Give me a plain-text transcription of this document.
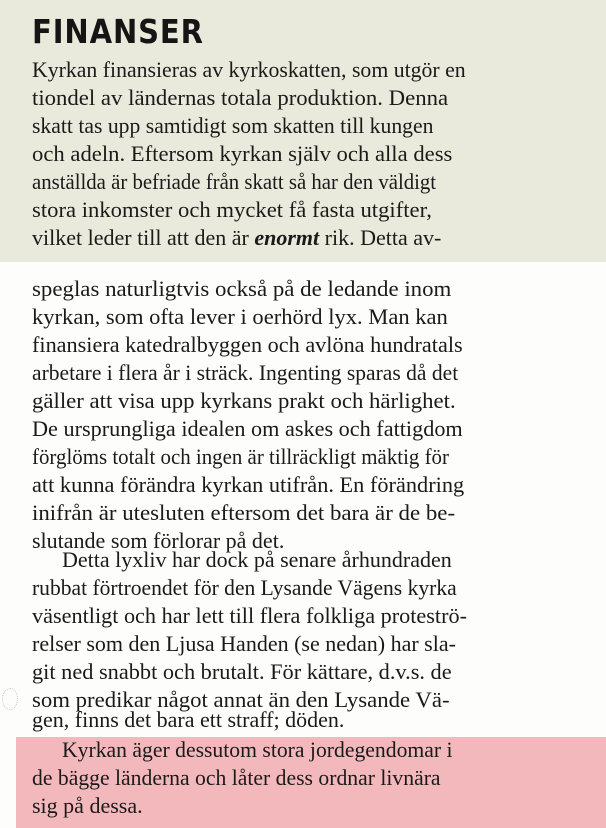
FINANSER
Kyrkan finansieras av kyrkoskatten, som utgör en
tiondel av ländernas totala produktion. Denna
skatt tas upp samtidigt som skatten till kungen
och adeln. Eftersom kyrkan själv och alla dess
anställda är befriade från skatt så har den väldigt
stora inkomster och mycket få fasta utgifter,
vilket leder till att den är enormt rik. Detta av-
speglas naturligtvis också på de ledande inom
kyrkan, som ofta lever i oerhörd lyx. Man kan
finansiera katedralbyggen och avlöna hundratals
arbetare i flera år i sträck. Ingenting sparas då det
gäller att visa upp kyrkans prakt och härlighet.
De ursprungliga idealen om askes och fattigdom
förglöms totalt och ingen är tillräckligt mäktig för
att kunna förändra kyrkan utifrån. En förändring
inifrån är utesluten eftersom det bara är de be-
slutande som förlorar på det.
Detta lyxliv har dock på senare århundraden
rubbat förtroendet för den Lysande Vägens kyrka
väsentligt och har lett till flera folkliga proteströ-
relser som den Ljusa Handen (se nedan) har sla-
git ned snabbt och brutalt. För kättare, d.v.s. de
som predikar något annat än den Lysande Vä-
gen, finns det bara ett straff; döden.
Kyrkan äger dessutom stora jordegendomar i
de bägge länderna och låter dess ordnar livnära
sig på dessa.
